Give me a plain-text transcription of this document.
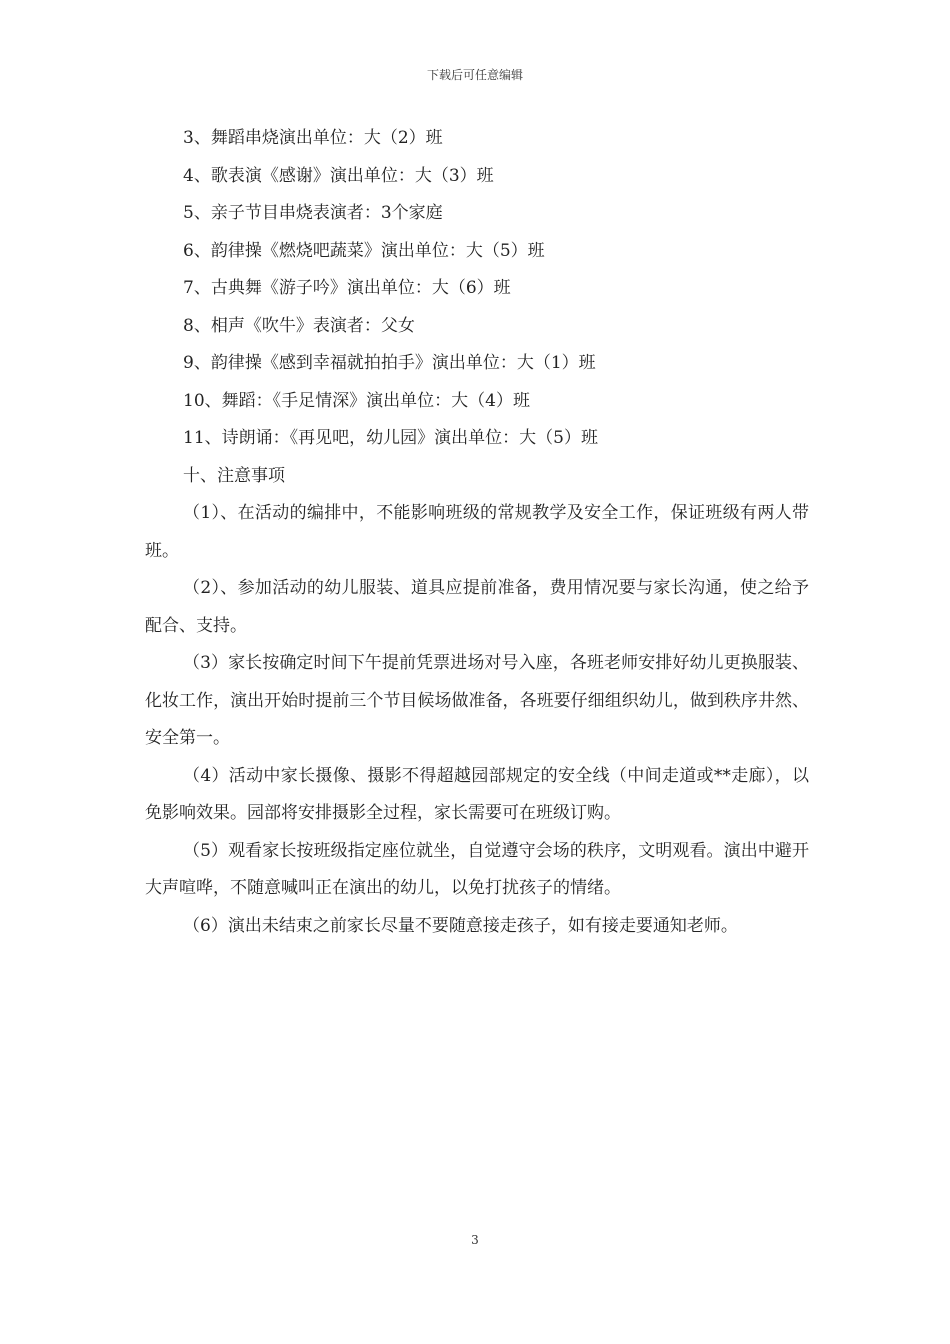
下载后可任意编辑
3、舞蹈串烧演出单位：大（2）班
4、歌表演《感谢》演出单位：大（3）班
5、亲子节目串烧表演者：3个家庭
6、韵律操《燃烧吧蔬菜》演出单位：大（5）班
7、古典舞《游子吟》演出单位：大（6）班
8、相声《吹牛》表演者：父女
9、韵律操《感到幸福就拍拍手》演出单位：大（1）班
10、舞蹈：《手足情深》演出单位：大（4）班
11、诗朗诵：《再见吧，幼儿园》演出单位：大（5）班
十、注意事项
（1）、在活动的编排中，不能影响班级的常规教学及安全工作，保证班级有两人带班。
（2）、参加活动的幼儿服装、道具应提前准备，费用情况要与家长沟通，使之给予配合、支持。
（3）家长按确定时间下午提前凭票进场对号入座，各班老师安排好幼儿更换服装、化妆工作，演出开始时提前三个节目候场做准备，各班要仔细组织幼儿，做到秩序井然、安全第一。
（4）活动中家长摄像、摄影不得超越园部规定的安全线（中间走道或**走廊），以免影响效果。园部将安排摄影全过程，家长需要可在班级订购。
（5）观看家长按班级指定座位就坐，自觉遵守会场的秩序，文明观看。演出中避开大声喧哗，不随意喊叫正在演出的幼儿，以免打扰孩子的情绪。
（6）演出未结束之前家长尽量不要随意接走孩子，如有接走要通知老师。
3
